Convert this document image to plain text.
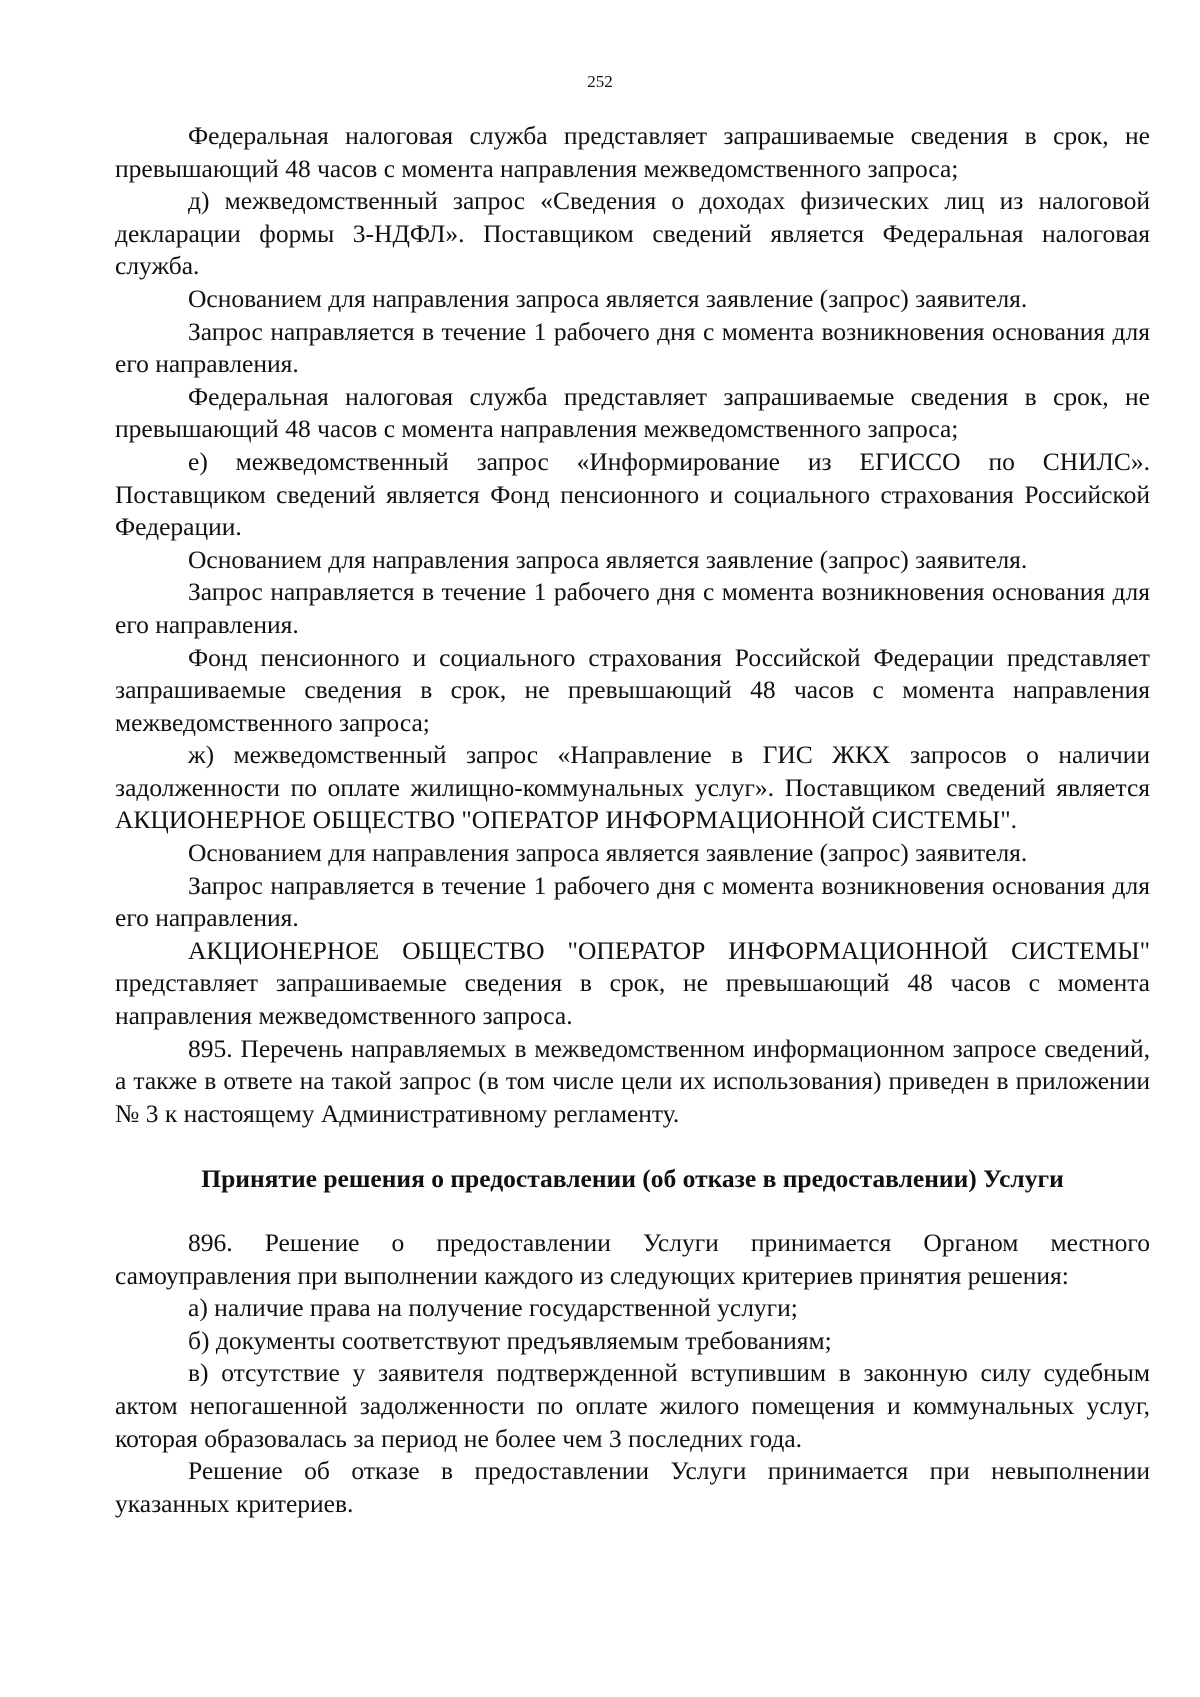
252

Федеральная налоговая служба представляет запрашиваемые сведения в срок, не превышающий 48 часов с момента направления межведомственного запроса;

д) межведомственный запрос «Сведения о доходах физических лиц из налоговой декларации формы 3-НДФЛ». Поставщиком сведений является Федеральная налоговая служба.

Основанием для направления запроса является заявление (запрос) заявителя.

Запрос направляется в течение 1 рабочего дня с момента возникновения основания для его направления.

Федеральная налоговая служба представляет запрашиваемые сведения в срок, не превышающий 48 часов с момента направления межведомственного запроса;

е) межведомственный запрос «Информирование из ЕГИССО по СНИЛС». Поставщиком сведений является Фонд пенсионного и социального страхования Российской Федерации.

Основанием для направления запроса является заявление (запрос) заявителя.

Запрос направляется в течение 1 рабочего дня с момента возникновения основания для его направления.

Фонд пенсионного и социального страхования Российской Федерации представляет запрашиваемые сведения в срок, не превышающий 48 часов с момента направления межведомственного запроса;

ж) межведомственный запрос «Направление в ГИС ЖКХ запросов о наличии задолженности по оплате жилищно-коммунальных услуг». Поставщиком сведений является АКЦИОНЕРНОЕ ОБЩЕСТВО "ОПЕРАТОР ИНФОРМАЦИОННОЙ СИСТЕМЫ".

Основанием для направления запроса является заявление (запрос) заявителя.

Запрос направляется в течение 1 рабочего дня с момента возникновения основания для его направления.

АКЦИОНЕРНОЕ ОБЩЕСТВО "ОПЕРАТОР ИНФОРМАЦИОННОЙ СИСТЕМЫ" представляет запрашиваемые сведения в срок, не превышающий 48 часов с момента направления межведомственного запроса.

895. Перечень направляемых в межведомственном информационном запросе сведений, а также в ответе на такой запрос (в том числе цели их использования) приведен в приложении № 3 к настоящему Административному регламенту.

Принятие решения о предоставлении (об отказе в предоставлении) Услуги

896. Решение о предоставлении Услуги принимается Органом местного самоуправления при выполнении каждого из следующих критериев принятия решения:

а) наличие права на получение государственной услуги;

б) документы соответствуют предъявляемым требованиям;

в) отсутствие у заявителя подтвержденной вступившим в законную силу судебным актом непогашенной задолженности по оплате жилого помещения и коммунальных услуг, которая образовалась за период не более чем 3 последних года.

Решение об отказе в предоставлении Услуги принимается при невыполнении указанных критериев.
